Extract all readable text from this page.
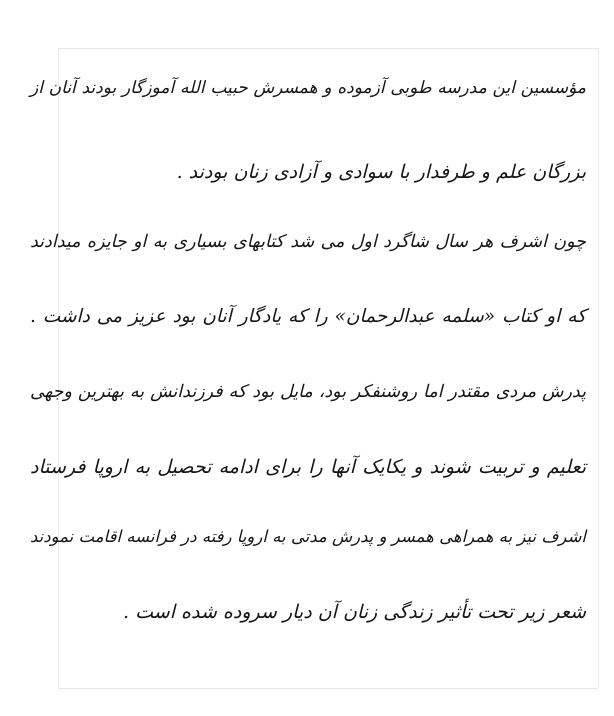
مؤسسین این مدرسه طوبی آزموده و همسرش حبیب الله آموزگار بودند آنان از

بزرگان علم و طرفدار با سوادی و آزادی زنان بودند .

چون اشرف هر سال شاگرد اول می شد کتابهای بسیاری به او جایزه میدادند

که او کتاب «سلمه عبدالرحمان» را که یادگار آنان بود عزیز می داشت .

پدرش مردی مقتدر اما روشنفکر بود، مایل بود که فرزندانش به بهترین وجهی

تعلیم و تربیت شوند و یکایک آنها را برای ادامه تحصیل به اروپا فرستاد

اشرف نیز به همراهی همسر و پدرش مدتی به اروپا رفته در فرانسه اقامت نمودند

شعر زیر تحت تأثیر زندگی زنان آن دیار سروده شده است .
